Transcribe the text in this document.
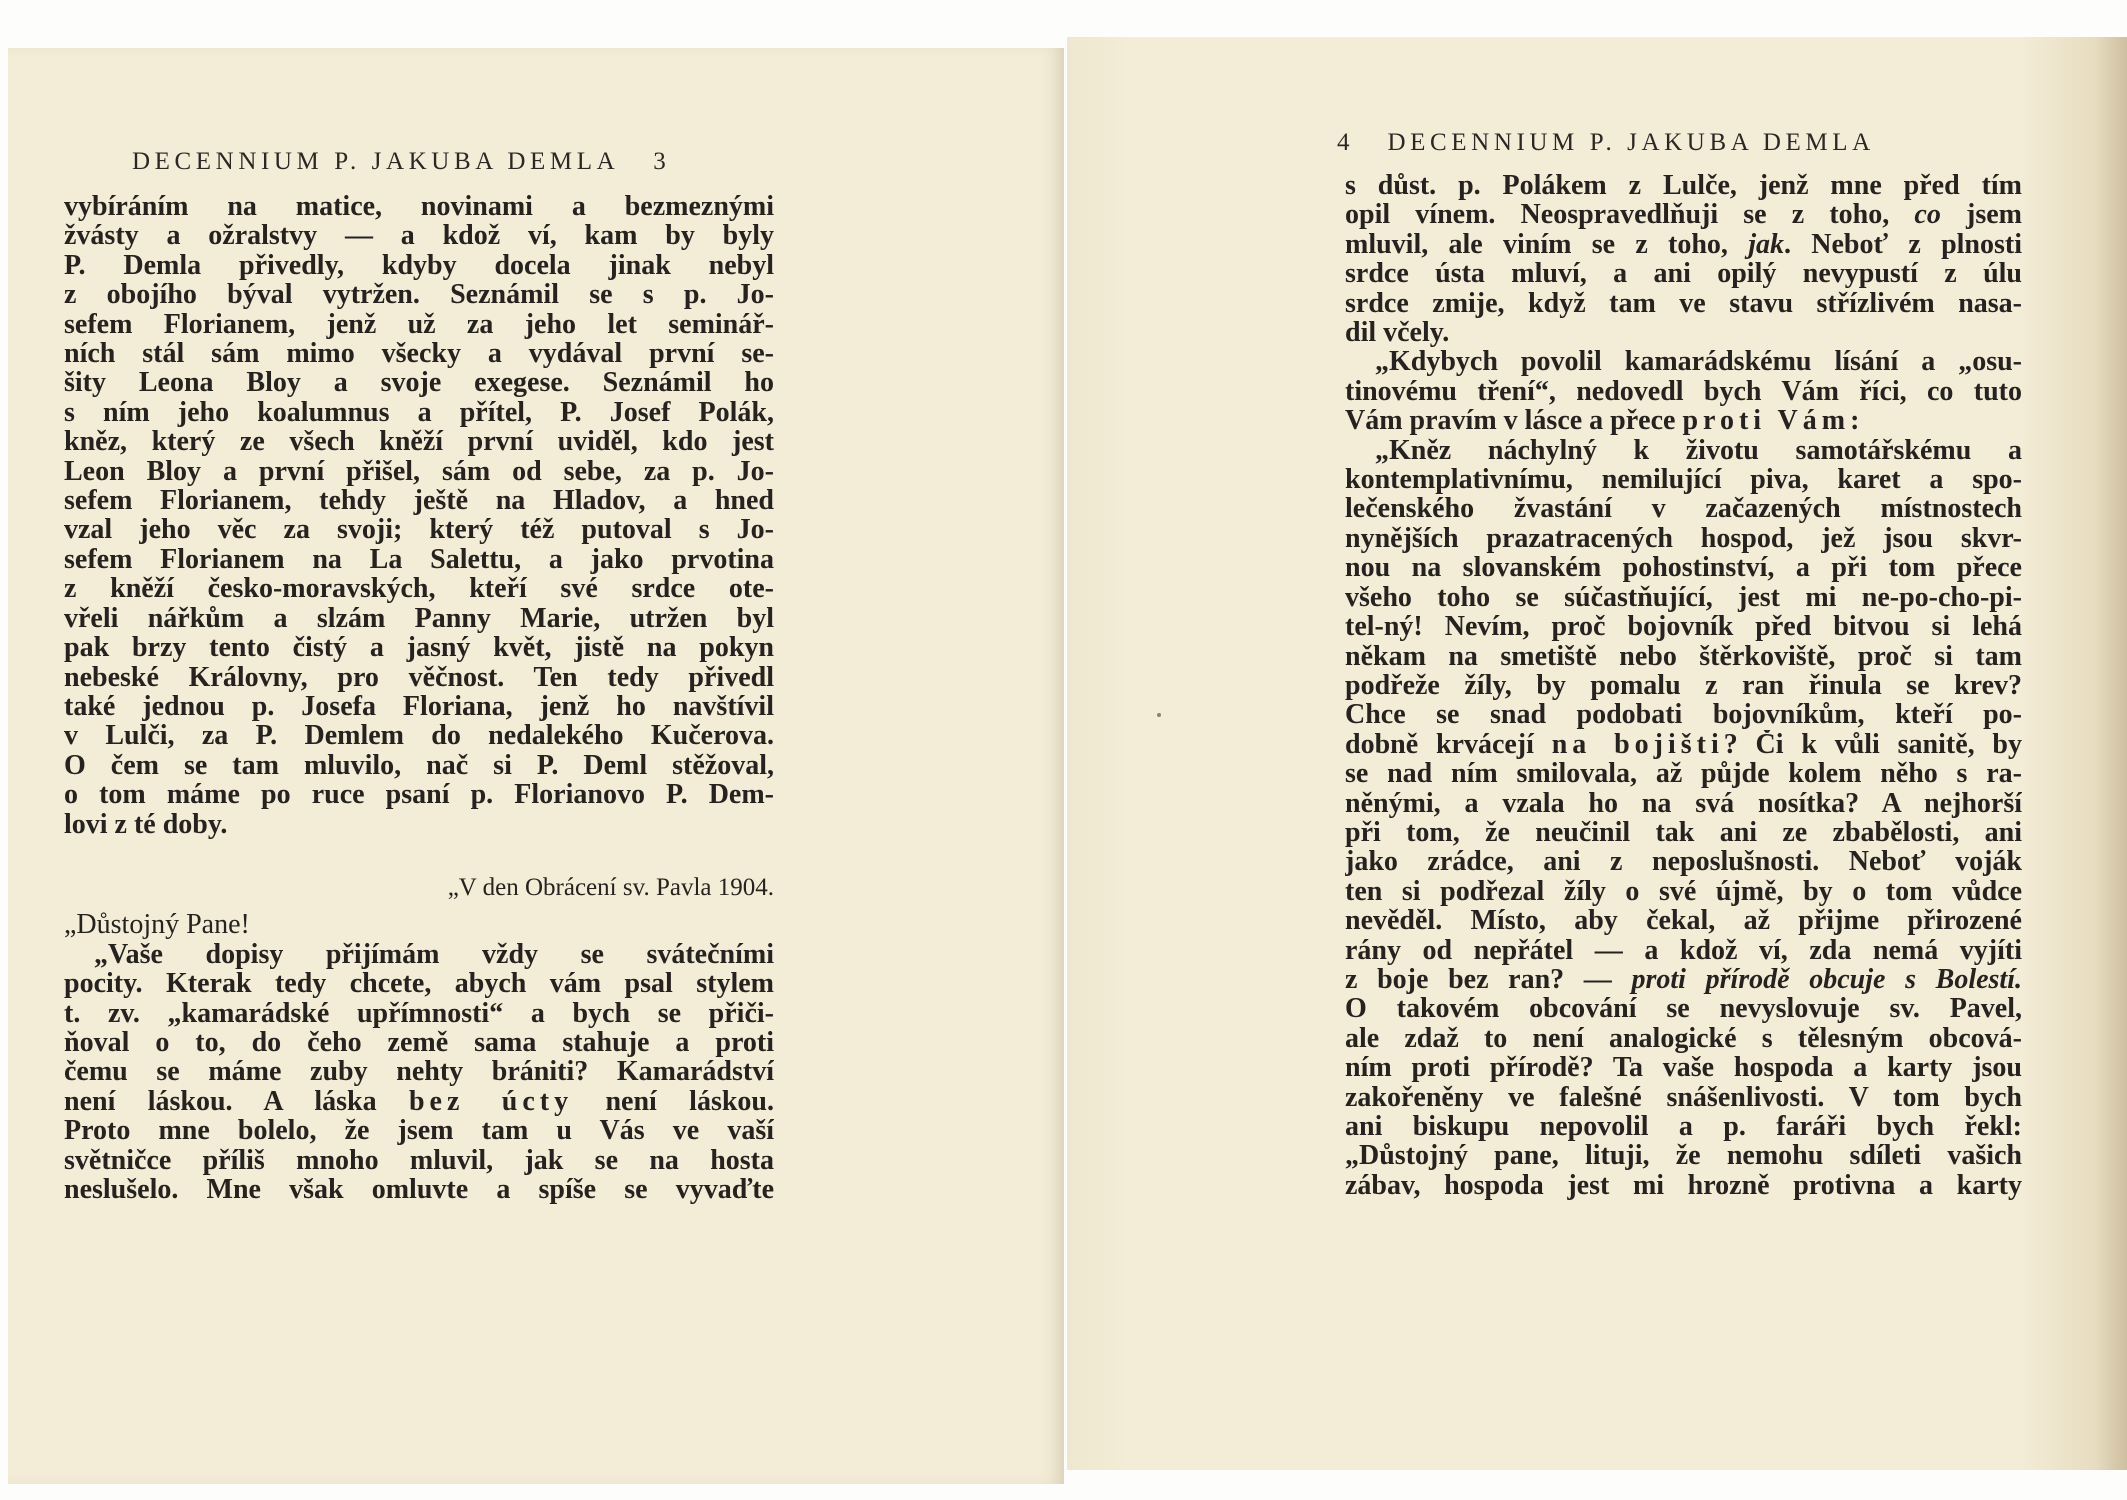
DECENNIUM P. JAKUBA DEMLA 3
vybíráním na matice, novinami a bezmeznými
žvásty a ožralstvy — a kdož ví, kam by byly
P. Demla přivedly, kdyby docela jinak nebyl
z obojího býval vytržen. Seznámil se s p. Jo-
sefem Florianem, jenž už za jeho let seminář-
ních stál sám mimo všecky a vydával první se-
šity Leona Bloy a svoje exegese. Seznámil ho
s ním jeho koalumnus a přítel, P. Josef Polák,
kněz, který ze všech kněží první uviděl, kdo jest
Leon Bloy a první přišel, sám od sebe, za p. Jo-
sefem Florianem, tehdy ještě na Hladov, a hned
vzal jeho věc za svoji; který též putoval s Jo-
sefem Florianem na La Salettu, a jako prvotina
z kněží česko-moravských, kteří své srdce ote-
vřeli nářkům a slzám Panny Marie, utržen byl
pak brzy tento čistý a jasný květ, jistě na pokyn
nebeské Královny, pro věčnost. Ten tedy přivedl
také jednou p. Josefa Floriana, jenž ho navštívil
v Lulči, za P. Demlem do nedalekého Kučerova.
O čem se tam mluvilo, nač si P. Deml stěžoval,
o tom máme po ruce psaní p. Florianovo P. Dem-
lovi z té doby.
„V den Obrácení sv. Pavla 1904.
„Důstojný Pane!
„Vaše dopisy přijímám vždy se svátečními
pocity. Kterak tedy chcete, abych vám psal stylem
t. zv. „kamarádské upřímnosti“ a bych se přiči-
ňoval o to, do čeho země sama stahuje a proti
čemu se máme zuby nehty brániti? Kamarádství
není láskou. A láska bez úcty není láskou.
Proto mne bolelo, že jsem tam u Vás ve vaší
světničce příliš mnoho mluvil, jak se na hosta
neslušelo. Mne však omluvte a spíše se vyvaďte
4 DECENNIUM P. JAKUBA DEMLA
s důst. p. Polákem z Lulče, jenž mne před tím
opil vínem. Neospravedlňuji se z toho, co jsem
mluvil, ale viním se z toho, jak. Neboť z plnosti
srdce ústa mluví, a ani opilý nevypustí z úlu
srdce zmije, když tam ve stavu střízlivém nasa-
dil včely.
„Kdybych povolil kamarádskému lísání a „osu-
tinovému tření“, nedovedl bych Vám říci, co tuto
Vám pravím v lásce a přece proti Vám:
„Kněz náchylný k životu samotářskému a
kontemplativnímu, nemilující piva, karet a spo-
lečenského žvastání v začazených místnostech
nynějších prazatracených hospod, jež jsou skvr-
nou na slovanském pohostinství, a při tom přece
všeho toho se súčastňující, jest mi ne-po-cho-pi-
tel-ný! Nevím, proč bojovník před bitvou si lehá
někam na smetiště nebo štěrkoviště, proč si tam
podřeže žíly, by pomalu z ran řinula se krev?
Chce se snad podobati bojovníkům, kteří po-
dobně krvácejí na bojišti? Či k vůli sanitě, by
se nad ním smilovala, až půjde kolem něho s ra-
něnými, a vzala ho na svá nosítka? A nejhorší
při tom, že neučinil tak ani ze zbabělosti, ani
jako zrádce, ani z neposlušnosti. Neboť voják
ten si podřezal žíly o své újmě, by o tom vůdce
nevěděl. Místo, aby čekal, až přijme přirozené
rány od nepřátel — a kdož ví, zda nemá vyjíti
z boje bez ran? — proti přírodě obcuje s Bolestí.
O takovém obcování se nevyslovuje sv. Pavel,
ale zdaž to není analogické s tělesným obcová-
ním proti přírodě? Ta vaše hospoda a karty jsou
zakořeněny ve falešné snášenlivosti. V tom bych
ani biskupu nepovolil a p. faráři bych řekl:
„Důstojný pane, lituji, že nemohu sdíleti vašich
zábav, hospoda jest mi hrozně protivna a karty
